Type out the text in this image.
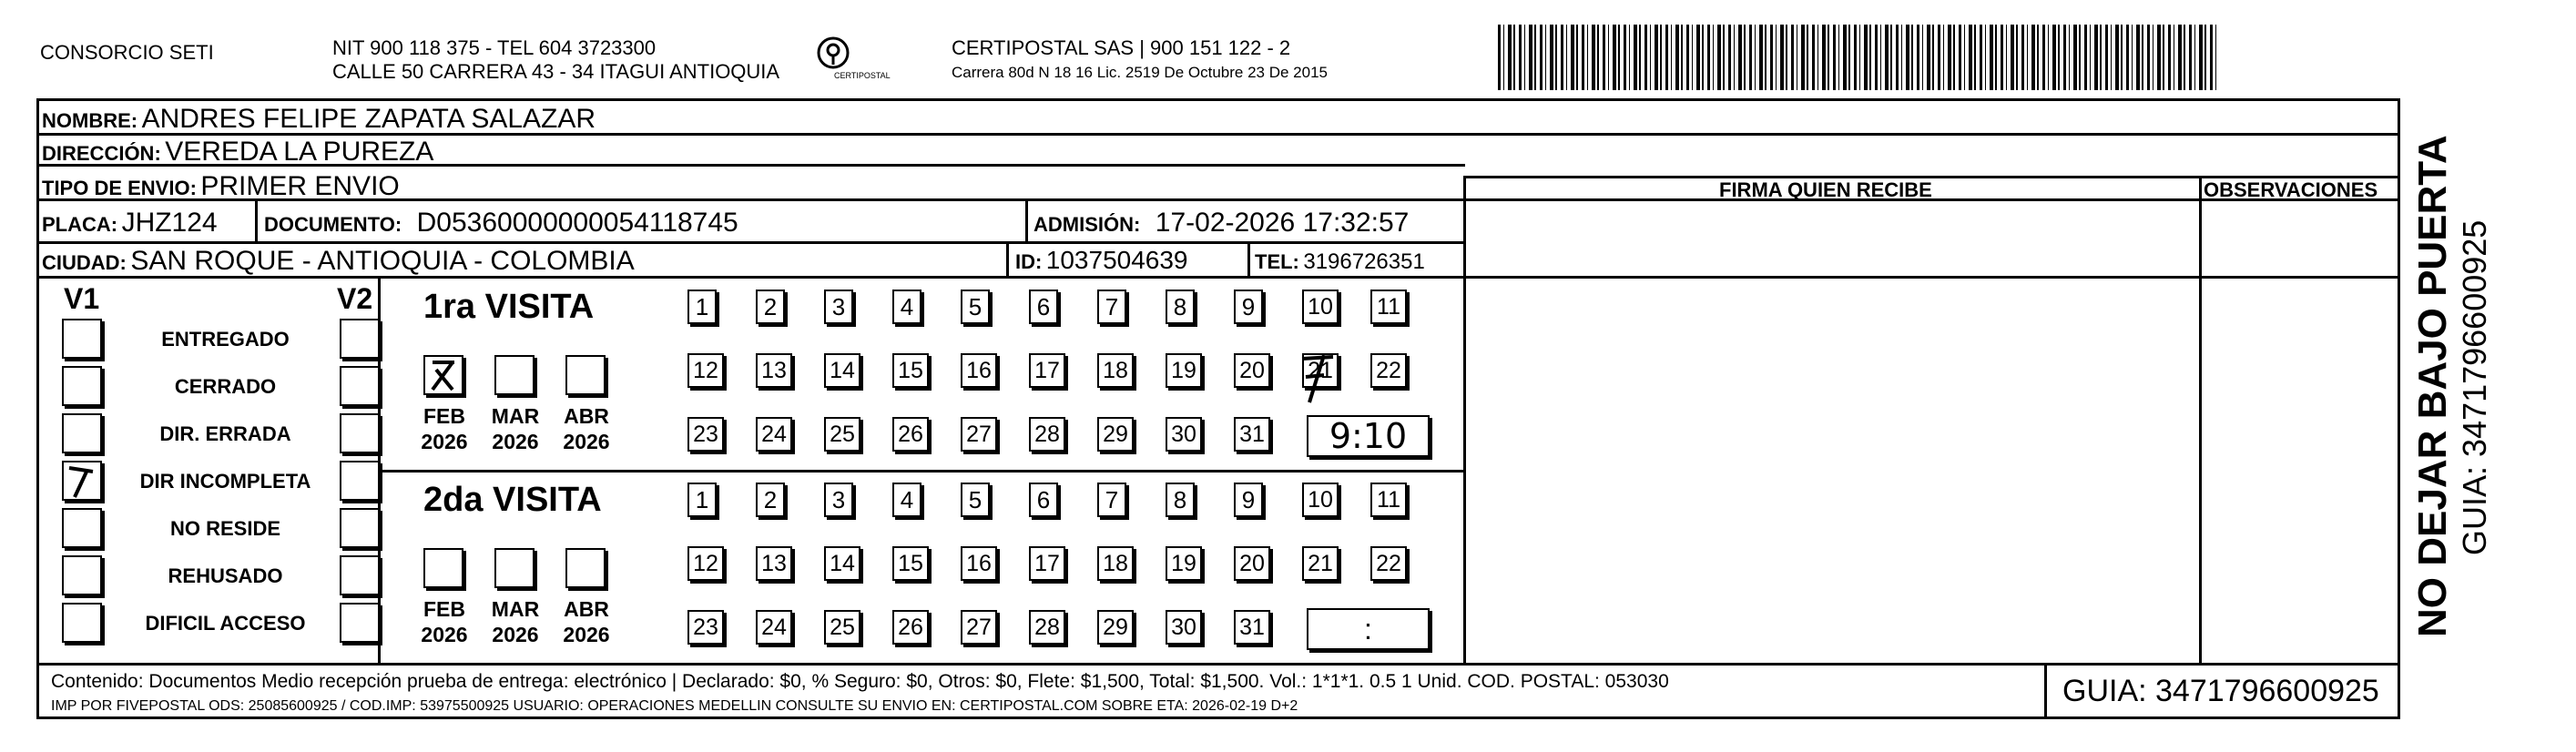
CONSORCIO SETI	NIT 900 118 375 - TEL 604 3723300
CALLE 50 CARRERA 43 - 34 ITAGUI ANTIOQUIA	CERTIPOSTAL
CERTIPOSTAL SAS | 900 151 122 - 2
Carrera 80d N 18 16 Lic. 2519 De Octubre 23 De 2015
NOMBRE: ANDRES FELIPE ZAPATA SALAZAR
DIRECCIÓN: VEREDA LA PUREZA
TIPO DE ENVIO: PRIMER ENVIO
PLACA: JHZ124 DOCUMENTO: D05360000000054118745	ADMISIÓN: 17-02-2026 17:32:57
CIUDAD: SAN ROQUE - ANTIOQUIA - COLOMBIA	ID: 1037504639	TEL: 3196726351
FIRMA QUIEN RECIBE	OBSERVACIONES
V1	V2
ENTREGADO
CERRADO
DIR. ERRADA
DIR INCOMPLETA
NO RESIDE
REHUSADO
DIFICIL ACCESO
1ra VISITA
2da VISITA
1	2	3	4	5	6	7	8	9	10 11
12 13 14 15 16 17 18 19 20 21 22
23 24 25 26 27 28 29 30 31	9:10
FEB
2026
MAR
2026
ABR
2026
1	2	3	4	5	6	7	8	9	10 11
12 13 14 15 16 17 18 19 20 21 22
23 24 25 26 27 28 29 30 31	:
FEB
2026
MAR
2026
ABR
2026
Contenido: Documentos Medio recepción prueba de entrega: electrónico | Declarado: $0, % Seguro: $0, Otros: $0, Flete: $1,500, Total: $1,500. Vol.: 1*1*1. 0.5 1 Unid. COD. POSTAL: 053030
IMP POR FIVEPOSTAL ODS: 25085600925 / COD.IMP: 53975500925 USUARIO: OPERACIONES MEDELLIN CONSULTE SU ENVIO EN: CERTIPOSTAL.COM SOBRE ETA: 2026-02-19 D+2	GUIA: 3471796600925
NO DEJAR BAJO PUERTA GUIA: 3471796600925
